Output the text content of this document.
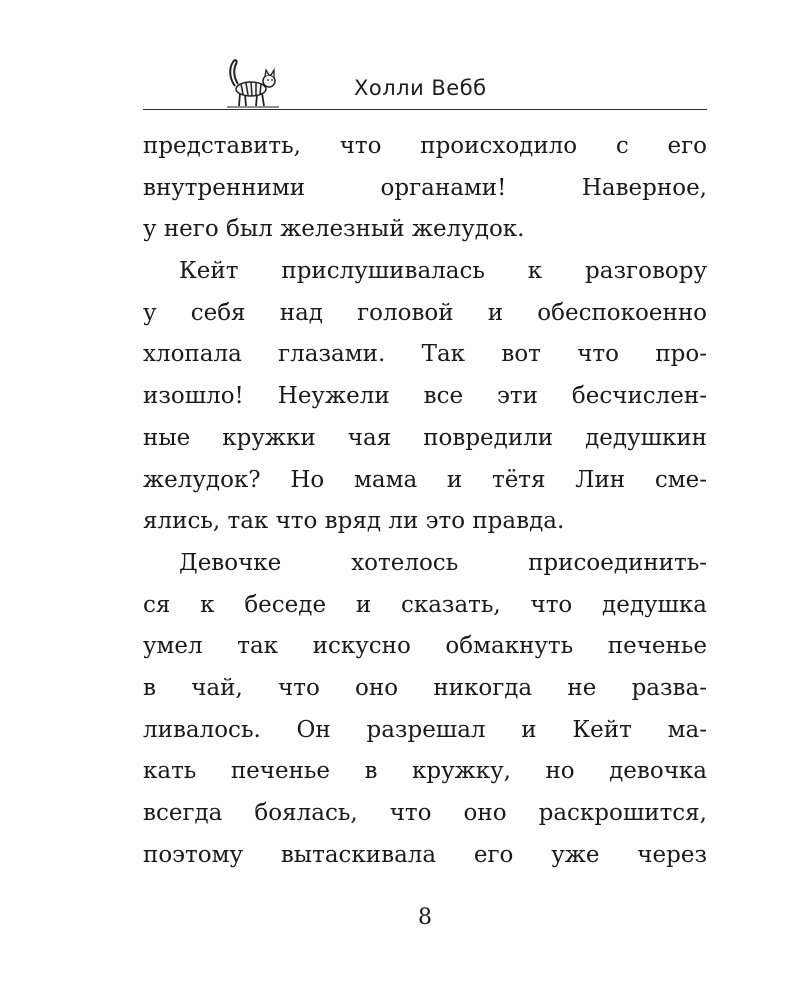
Холли Вебб
представить, что происходило с его
внутренними органами! Наверное,
у него был железный желудок.
Кейт прислушивалась к разговору
у себя над головой и обеспокоенно
хлопала глазами. Так вот что про-
изошло! Неужели все эти бесчислен-
ные кружки чая повредили дедушкин
желудок? Но мама и тётя Лин сме-
ялись, так что вряд ли это правда.
Девочке хотелось присоединить-
ся к беседе и сказать, что дедушка
умел так искусно обмакнуть печенье
в чай, что оно никогда не разва-
ливалось. Он разрешал и Кейт ма-
кать печенье в кружку, но девочка
всегда боялась, что оно раскрошится,
поэтому вытаскивала его уже через
8
